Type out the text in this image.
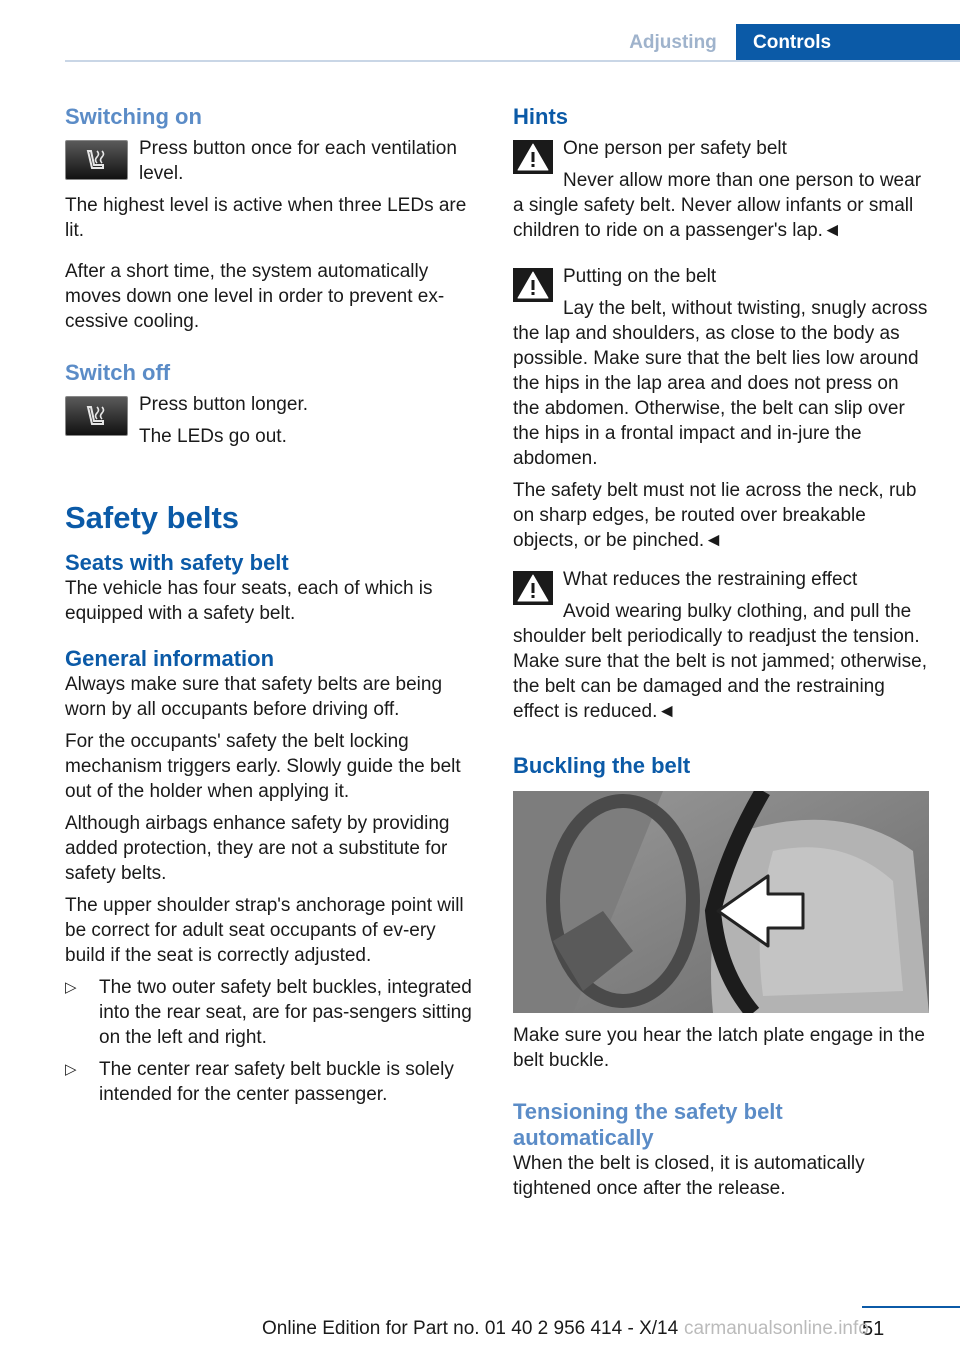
Adjusting	Controls
Switching on

Press button once for each ventilation level.

The highest level is active when three LEDs are lit.

After a short time, the system automatically moves down one level in order to prevent ex‐cessive cooling.

Switch off

Press button longer.

The LEDs go out.

Safety belts
Seats with safety belt

The vehicle has four seats, each of which is equipped with a safety belt.

General information

Always make sure that safety belts are being worn by all occupants before driving off.

For the occupants' safety the belt locking mechanism triggers early. Slowly guide the belt out of the holder when applying it.

Although airbags enhance safety by providing added protection, they are not a substitute for safety belts.

The upper shoulder strap's anchorage point will be correct for adult seat occupants of ev‐ery build if the seat is correctly adjusted.

▷ The two outer safety belt buckles, integrated into the rear seat, are for pas‐sengers sitting on the left and right.
▷ The center rear safety belt buckle is solely intended for the center passenger.
Hints

One person per safety belt

Never allow more than one person to wear a single safety belt. Never allow infants or small children to ride on a passenger's lap.◄

Putting on the belt

Lay the belt, without twisting, snugly across the lap and shoulders, as close to the body as possible. Make sure that the belt lies low around the hips in the lap area and does not press on the abdomen. Otherwise, the belt can slip over the hips in a frontal impact and in‐jure the abdomen.

The safety belt must not lie across the neck, rub on sharp edges, be routed over breakable objects, or be pinched.◄

What reduces the restraining effect

Avoid wearing bulky clothing, and pull the shoulder belt periodically to readjust the tension. Make sure that the belt is not jammed; otherwise, the belt can be damaged and the restraining effect is reduced.◄

Buckling the belt

Make sure you hear the latch plate engage in the belt buckle.

Tensioning the safety belt automatically

When the belt is closed, it is automatically tightened once after the release.

Online Edition for Part no. 01 40 2 956 414 - X/14	51
carmanualsonline.info
